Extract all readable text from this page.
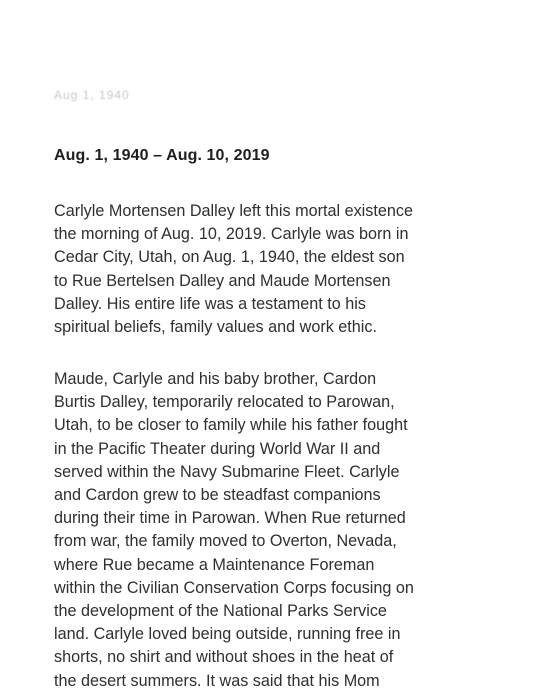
Aug 1, 1940
Aug. 1, 1940 – Aug. 10, 2019

Carlyle Mortensen Dalley left this mortal existence
the morning of Aug. 10, 2019. Carlyle was born in
Cedar City, Utah, on Aug. 1, 1940, the eldest son
to Rue Bertelsen Dalley and Maude Mortensen
Dalley. His entire life was a testament to his
spiritual beliefs, family values and work ethic.

Maude, Carlyle and his baby brother, Cardon
Burtis Dalley, temporarily relocated to Parowan,
Utah, to be closer to family while his father fought
in the Pacific Theater during World War II and
served within the Navy Submarine Fleet. Carlyle
and Cardon grew to be steadfast companions
during their time in Parowan. When Rue returned
from war, the family moved to Overton, Nevada,
where Rue became a Maintenance Foreman
within the Civilian Conservation Corps focusing on
the development of the National Parks Service
land. Carlyle loved being outside, running free in
shorts, no shirt and without shoes in the heat of
the desert summers. It was said that his Mom
